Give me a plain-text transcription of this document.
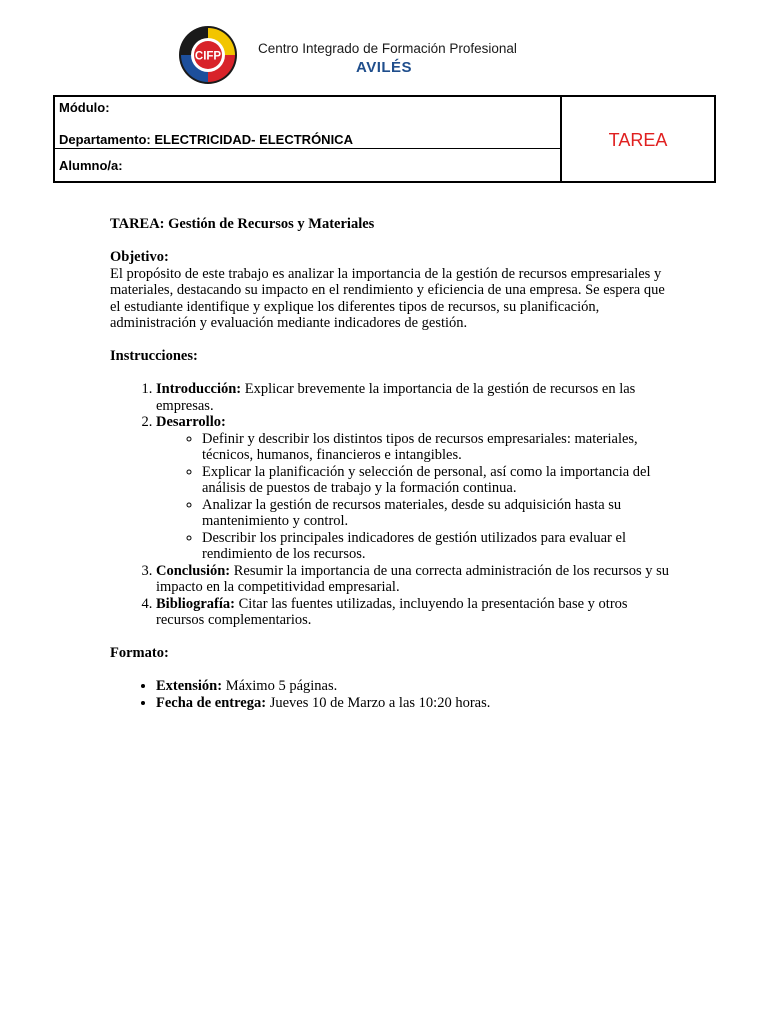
CIFP
Centro Integrado de Formación Profesional
AVILÉS
Módulo:
Departamento: ELECTRICIDAD- ELECTRÓNICA
Alumno/a:
TAREA

TAREA: Gestión de Recursos y Materiales

Objetivo:

El propósito de este trabajo es analizar la importancia de la gestión de recursos empresariales y materiales, destacando su impacto en el rendimiento y eficiencia de una empresa. Se espera que el estudiante identifique y explique los diferentes tipos de recursos, su planificación, administración y evaluación mediante indicadores de gestión.

Instrucciones:

1. Introducción: Explicar brevemente la importancia de la gestión de recursos en las empresas.
2. Desarrollo:
◦ Definir y describir los distintos tipos de recursos empresariales: materiales, técnicos, humanos, financieros e intangibles.
◦ Explicar la planificación y selección de personal, así como la importancia del análisis de puestos de trabajo y la formación continua.
◦ Analizar la gestión de recursos materiales, desde su adquisición hasta su mantenimiento y control.
◦ Describir los principales indicadores de gestión utilizados para evaluar el rendimiento de los recursos.
3. Conclusión: Resumir la importancia de una correcta administración de los recursos y su impacto en la competitividad empresarial.
4. Bibliografía: Citar las fuentes utilizadas, incluyendo la presentación base y otros recursos complementarios.

Formato:

• Extensión: Máximo 5 páginas.
• Fecha de entrega: Jueves 10 de Marzo a las 10:20 horas.
